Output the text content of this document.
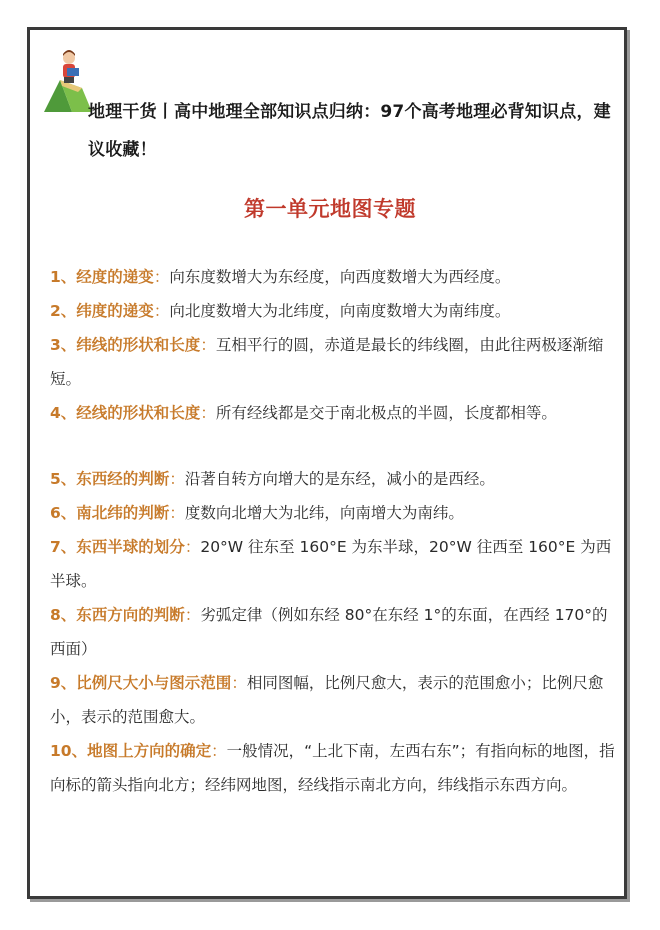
地理干货丨高中地理全部知识点归纳：97个高考地理必背知识点，建议收藏！
第一单元地图专题

1、经度的递变：向东度数增大为东经度，向西度数增大为西经度。

2、纬度的递变：向北度数增大为北纬度，向南度数增大为南纬度。

3、纬线的形状和长度：互相平行的圆，赤道是最长的纬线圈，由此往两极逐渐缩短。

4、经线的形状和长度：所有经线都是交于南北极点的半圆，长度都相等。

5、东西经的判断：沿著自转方向增大的是东经，减小的是西经。

6、南北纬的判断：度数向北增大为北纬，向南增大为南纬。

7、东西半球的划分：20°W 往东至 160°E 为东半球，20°W 往西至 160°E 为西半球。

8、东西方向的判断：劣弧定律（例如东经 80°在东经 1°的东面，在西经 170°的西面）

9、比例尺大小与图示范围：相同图幅，比例尺愈大，表示的范围愈小；比例尺愈小，表示的范围愈大。

10、地图上方向的确定：一般情况，“上北下南，左西右东”；有指向标的地图，指向标的箭头指向北方；经纬网地图，经线指示南北方向，纬线指示东西方向。
